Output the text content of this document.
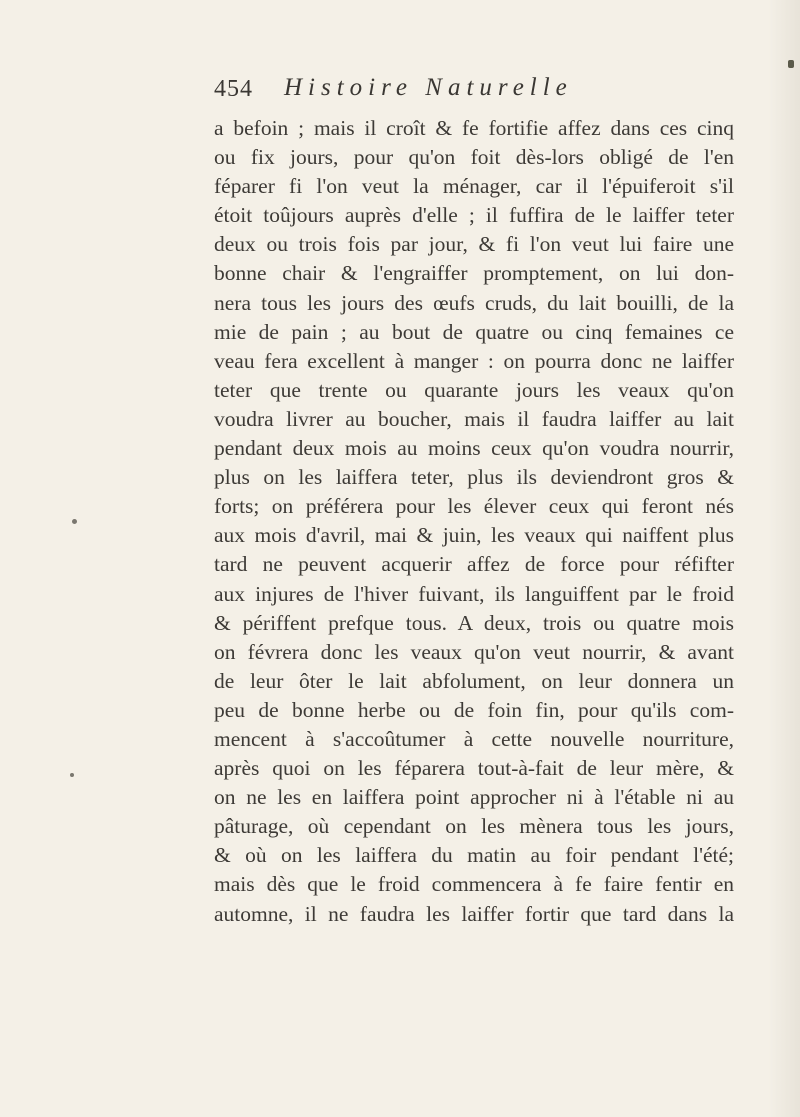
454 Histoire Naturelle
a befoin ; mais il croît & fe fortifie affez dans ces cinq
ou fix jours, pour qu'on foit dès-lors obligé de l'en
féparer fi l'on veut la ménager, car il l'épuiferoit s'il
étoit toûjours auprès d'elle ; il fuffira de le laiffer teter
deux ou trois fois par jour, & fi l'on veut lui faire une
bonne chair & l'engraiffer promptement, on lui don-
nera tous les jours des œufs cruds, du lait bouilli, de la
mie de pain ; au bout de quatre ou cinq femaines ce
veau fera excellent à manger : on pourra donc ne laiffer
teter que trente ou quarante jours les veaux qu'on
voudra livrer au boucher, mais il faudra laiffer au lait
pendant deux mois au moins ceux qu'on voudra nourrir,
plus on les laiffera teter, plus ils deviendront gros &
forts; on préférera pour les élever ceux qui feront nés
aux mois d'avril, mai & juin, les veaux qui naiffent plus
tard ne peuvent acquerir affez de force pour réfifter
aux injures de l'hiver fuivant, ils languiffent par le froid
& périffent prefque tous. A deux, trois ou quatre mois
on févrera donc les veaux qu'on veut nourrir, & avant
de leur ôter le lait abfolument, on leur donnera un
peu de bonne herbe ou de foin fin, pour qu'ils com-
mencent à s'accoûtumer à cette nouvelle nourriture,
après quoi on les féparera tout-à-fait de leur mère, &
on ne les en laiffera point approcher ni à l'étable ni au
pâturage, où cependant on les mènera tous les jours,
& où on les laiffera du matin au foir pendant l'été;
mais dès que le froid commencera à fe faire fentir en
automne, il ne faudra les laiffer fortir que tard dans la
